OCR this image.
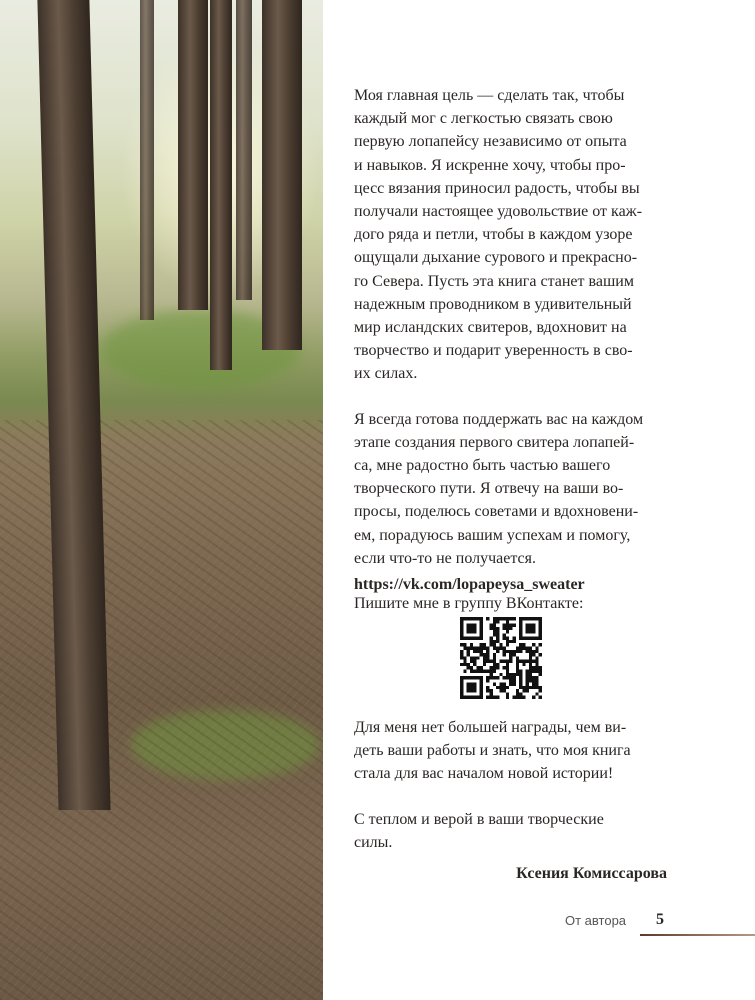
Моя главная цель — сделать так, чтобы
каждый мог с легкостью связать свою
первую лопапейсу независимо от опыта
и навыков. Я искренне хочу, чтобы про-
цесс вязания приносил радость, чтобы вы
получали настоящее удовольствие от каж-
дого ряда и петли, чтобы в каждом узоре
ощущали дыхание сурового и прекрасно-
го Севера. Пусть эта книга станет вашим
надежным проводником в удивительный
мир исландских свитеров, вдохновит на
творчество и подарит уверенность в сво-
их силах.
Я всегда готова поддержать вас на каждом
этапе создания первого свитера лопапей-
са, мне радостно быть частью вашего
творческого пути. Я отвечу на ваши во-
просы, поделюсь советами и вдохновени-
ем, порадуюсь вашим успехам и помогу,
если что-то не получается.
Пишите мне в группу ВКонтакте:
https://vk.com/lopapeysa_sweater
Для меня нет большей награды, чем ви-
деть ваши работы и знать, что моя книга
стала для вас началом новой истории!
С теплом и верой в ваши творческие
силы.
Ксения Комиссарова
От автора 5
